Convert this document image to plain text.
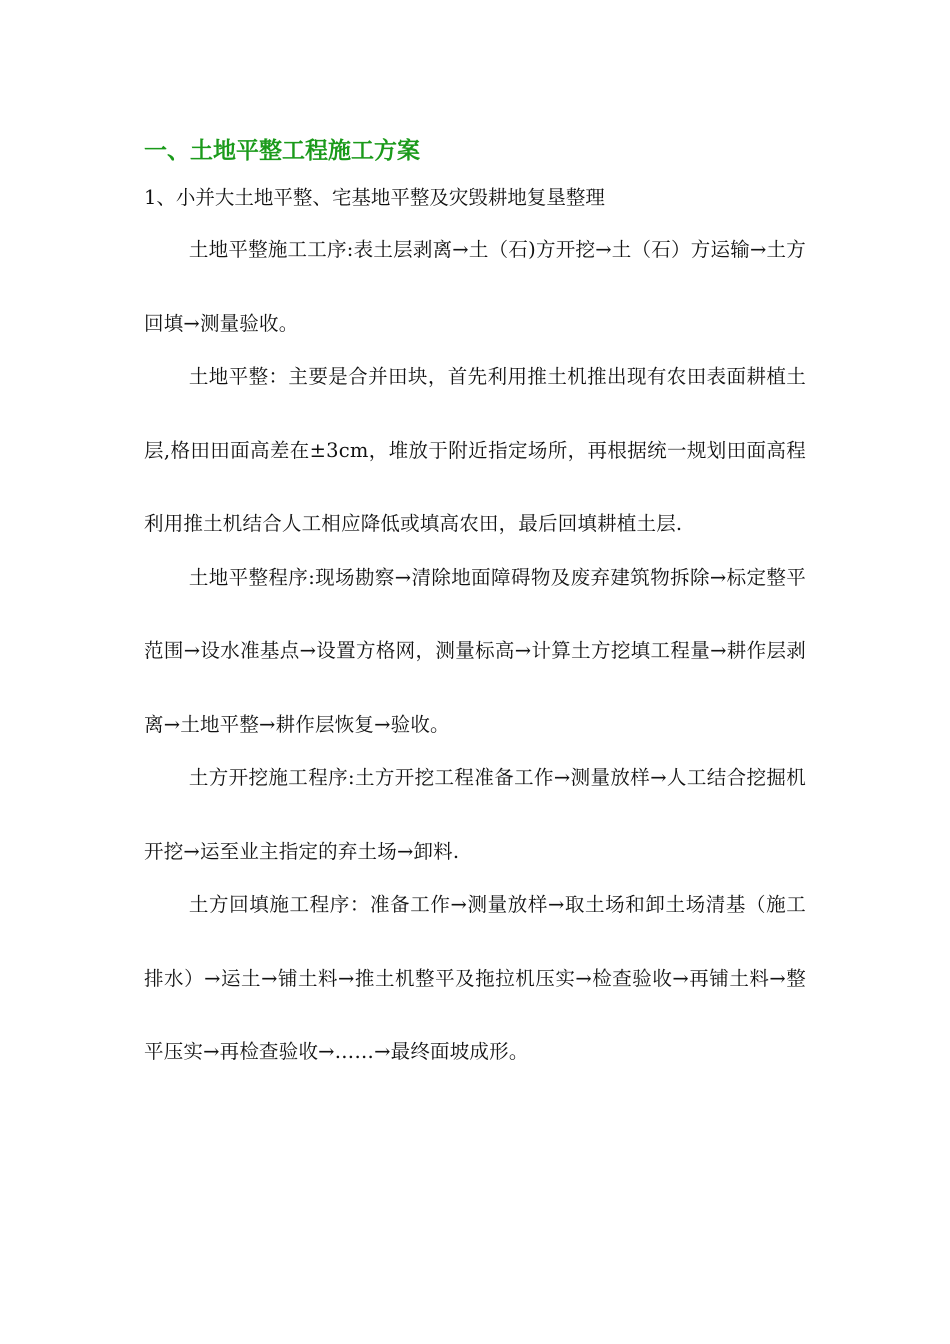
一、土地平整工程施工方案
1、小并大土地平整、宅基地平整及灾毁耕地复垦整理

土地平整施工工序:表土层剥离→土（石)方开挖→土（石）方运输→土方回填→测量验收。

土地平整：主要是合并田块，首先利用推土机推出现有农田表面耕植土层,格田田面高差在±3cm，堆放于附近指定场所，再根据统一规划田面高程利用推土机结合人工相应降低或填高农田，最后回填耕植土层.

土地平整程序:现场勘察→清除地面障碍物及废弃建筑物拆除→标定整平范围→设水准基点→设置方格网，测量标高→计算土方挖填工程量→耕作层剥离→土地平整→耕作层恢复→验收。

土方开挖施工程序:土方开挖工程准备工作→测量放样→人工结合挖掘机开挖→运至业主指定的弃土场→卸料.

土方回填施工程序：准备工作→测量放样→取土场和卸土场清基（施工排水）→运土→铺土料→推土机整平及拖拉机压实→检查验收→再铺土料→整平压实→再检查验收→……→最终面坡成形。
